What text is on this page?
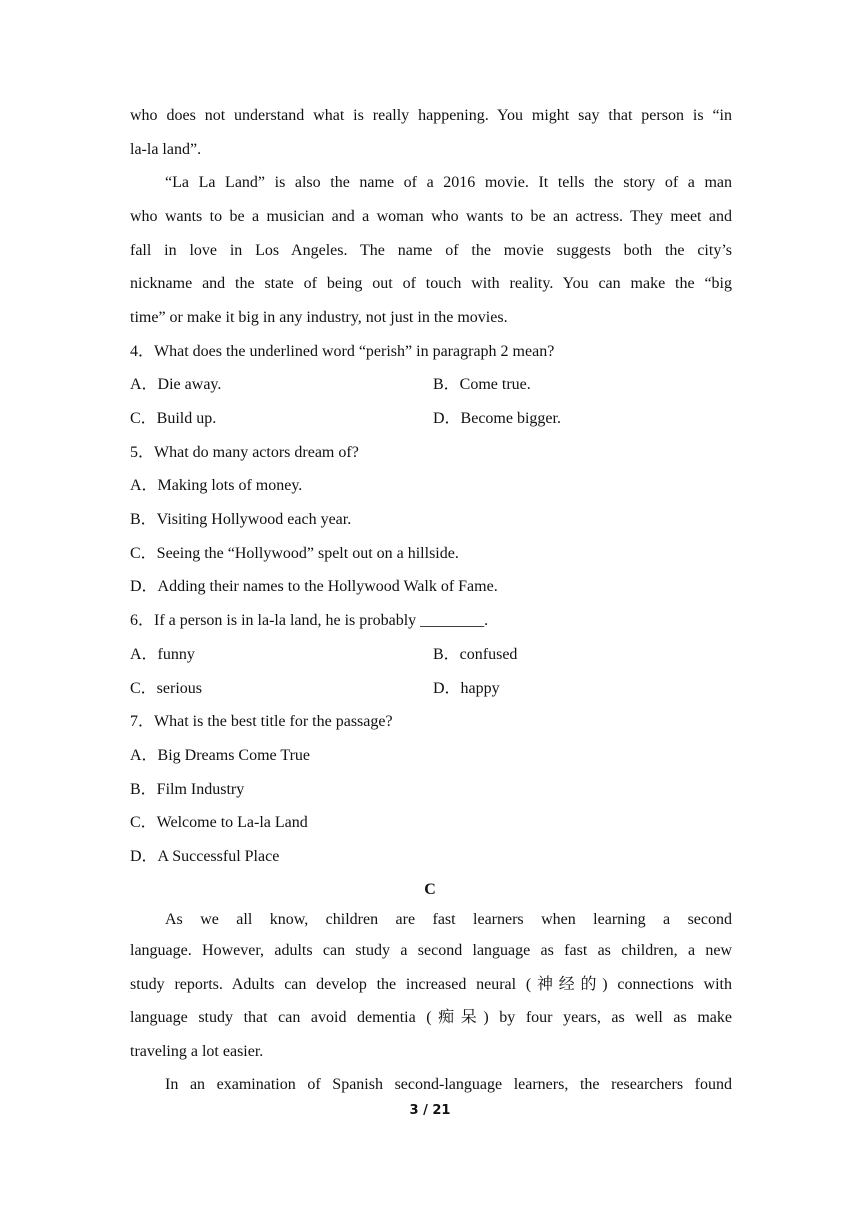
who does not understand what is really happening. You might say that person is “in
la-la land”.
“La La Land” is also the name of a 2016 movie. It tells the story of a man
who wants to be a musician and a woman who wants to be an actress. They meet and
fall in love in Los Angeles. The name of the movie suggests both the city’s
nickname and the state of being out of touch with reality. You can make the “big
time” or make it big in any industry, not just in the movies.
4．What does the underlined word “perish” in paragraph 2 mean?
A．Die away.	B．Come true.
C．Build up.	D．Become bigger.
5．What do many actors dream of?
A．Making lots of money.
B．Visiting Hollywood each year.
C．Seeing the “Hollywood” spelt out on a hillside.
D．Adding their names to the Hollywood Walk of Fame.
6．If a person is in la-la land, he is probably ________.
A．funny	B．confused
C．serious	D．happy
7．What is the best title for the passage?
A．Big Dreams Come True
B．Film Industry
C．Welcome to La-la Land
D．A Successful Place
C
As we all know, children are fast learners when learning a second
language. However, adults can study a second language as fast as children, a new
study reports. Adults can develop the increased neural (神经的) connections with
language study that can avoid dementia (痴呆) by four years, as well as make
traveling a lot easier.
In an examination of Spanish second-language learners, the researchers found
3 / 21
